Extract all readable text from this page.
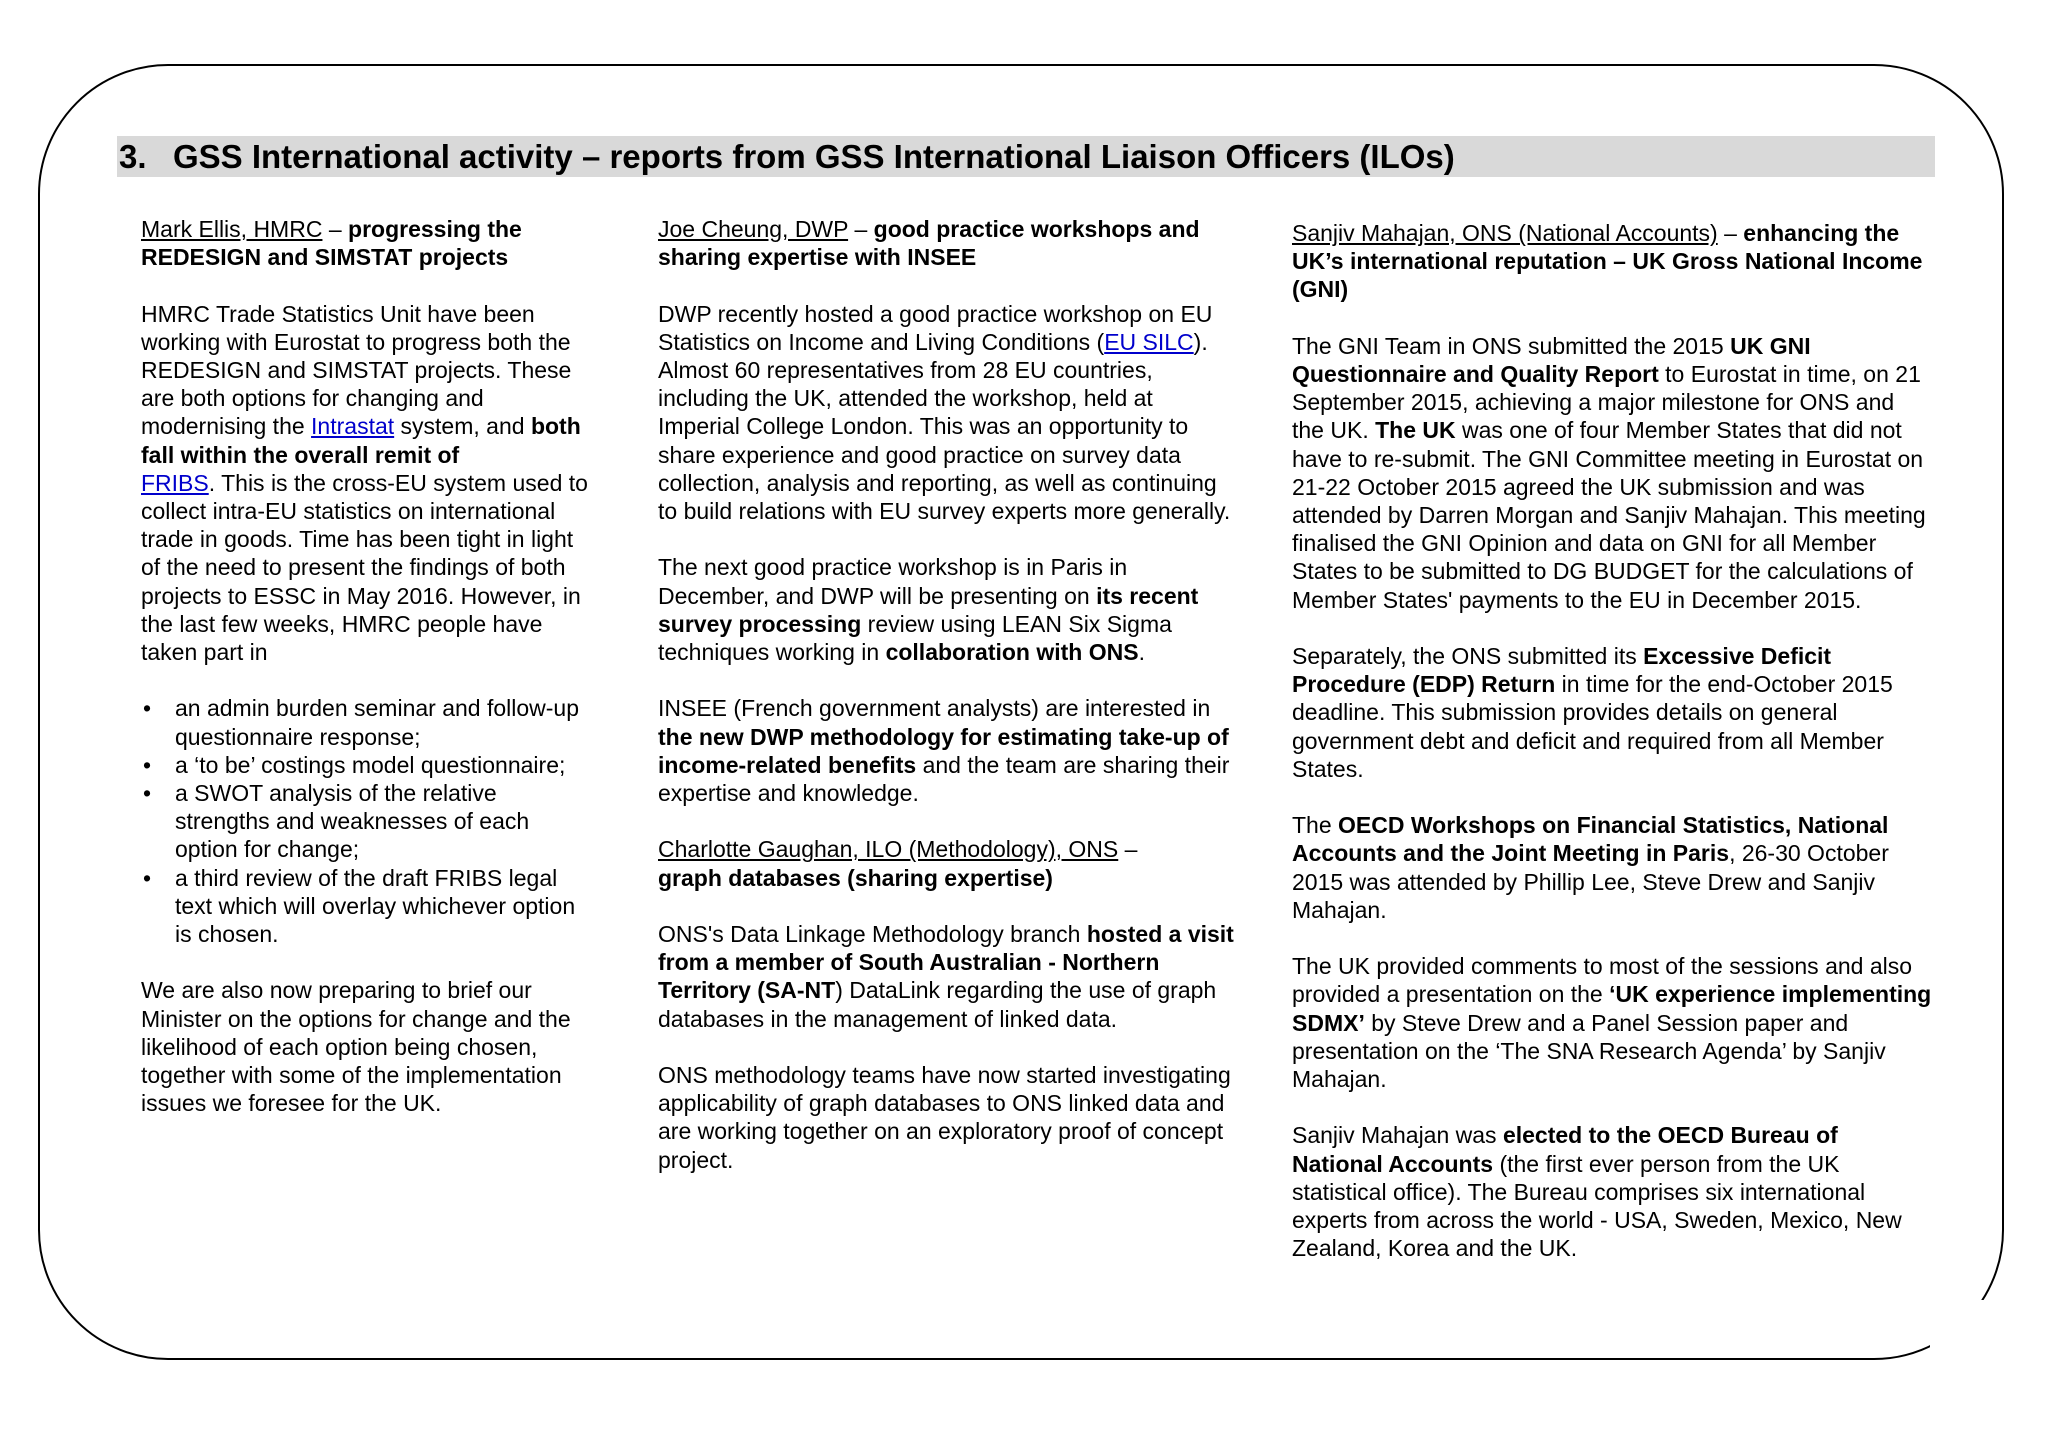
3. GSS International activity – reports from GSS International Liaison Officers (ILOs)

Mark Ellis, HMRC – progressing the REDESIGN and SIMSTAT projects

HMRC Trade Statistics Unit have been working with Eurostat to progress both the REDESIGN and SIMSTAT projects. These are both options for changing and modernising the Intrastat system, and both fall within the overall remit of
FRIBS. This is the cross-EU system used to collect intra-EU statistics on international trade in goods. Time has been tight in light of the need to present the findings of both projects to ESSC in May 2016. However, in the last few weeks, HMRC people have taken part in

• an admin burden seminar and follow-up questionnaire response;
• a ‘to be’ costings model questionnaire;
• a SWOT analysis of the relative strengths and weaknesses of each option for change;
• a third review of the draft FRIBS legal text which will overlay whichever option is chosen.

We are also now preparing to brief our Minister on the options for change and the likelihood of each option being chosen, together with some of the implementation issues we foresee for the UK.

Joe Cheung, DWP – good practice workshops and sharing expertise with INSEE

DWP recently hosted a good practice workshop on EU Statistics on Income and Living Conditions (EU SILC). Almost 60 representatives from 28 EU countries, including the UK, attended the workshop, held at Imperial College London. This was an opportunity to share experience and good practice on survey data collection, analysis and reporting, as well as continuing to build relations with EU survey experts more generally.

The next good practice workshop is in Paris in December, and DWP will be presenting on its recent survey processing review using LEAN Six Sigma techniques working in collaboration with ONS.

INSEE (French government analysts) are interested in the new DWP methodology for estimating take-up of income-related benefits and the team are sharing their expertise and knowledge.

Charlotte Gaughan, ILO (Methodology), ONS –
graph databases (sharing expertise)

ONS's Data Linkage Methodology branch hosted a visit from a member of South Australian - Northern Territory (SA-NT) DataLink regarding the use of graph databases in the management of linked data.

ONS methodology teams have now started investigating applicability of graph databases to ONS linked data and are working together on an exploratory proof of concept project.

Sanjiv Mahajan, ONS (National Accounts) – enhancing the UK’s international reputation – UK Gross National Income (GNI)

The GNI Team in ONS submitted the 2015 UK GNI Questionnaire and Quality Report to Eurostat in time, on 21 September 2015, achieving a major milestone for ONS and the UK. The UK was one of four Member States that did not have to re-submit. The GNI Committee meeting in Eurostat on 21-22 October 2015 agreed the UK submission and was attended by Darren Morgan and Sanjiv Mahajan. This meeting finalised the GNI Opinion and data on GNI for all Member States to be submitted to DG BUDGET for the calculations of Member States' payments to the EU in December 2015.

Separately, the ONS submitted its Excessive Deficit Procedure (EDP) Return in time for the end-October 2015 deadline. This submission provides details on general government debt and deficit and required from all Member States.

The OECD Workshops on Financial Statistics, National Accounts and the Joint Meeting in Paris, 26-30 October 2015 was attended by Phillip Lee, Steve Drew and Sanjiv Mahajan.

The UK provided comments to most of the sessions and also provided a presentation on the ‘UK experience implementing SDMX’ by Steve Drew and a Panel Session paper and presentation on the ‘The SNA Research Agenda’ by Sanjiv Mahajan.

Sanjiv Mahajan was elected to the OECD Bureau of National Accounts (the first ever person from the UK statistical office). The Bureau comprises six international experts from across the world - USA, Sweden, Mexico, New Zealand, Korea and the UK.
